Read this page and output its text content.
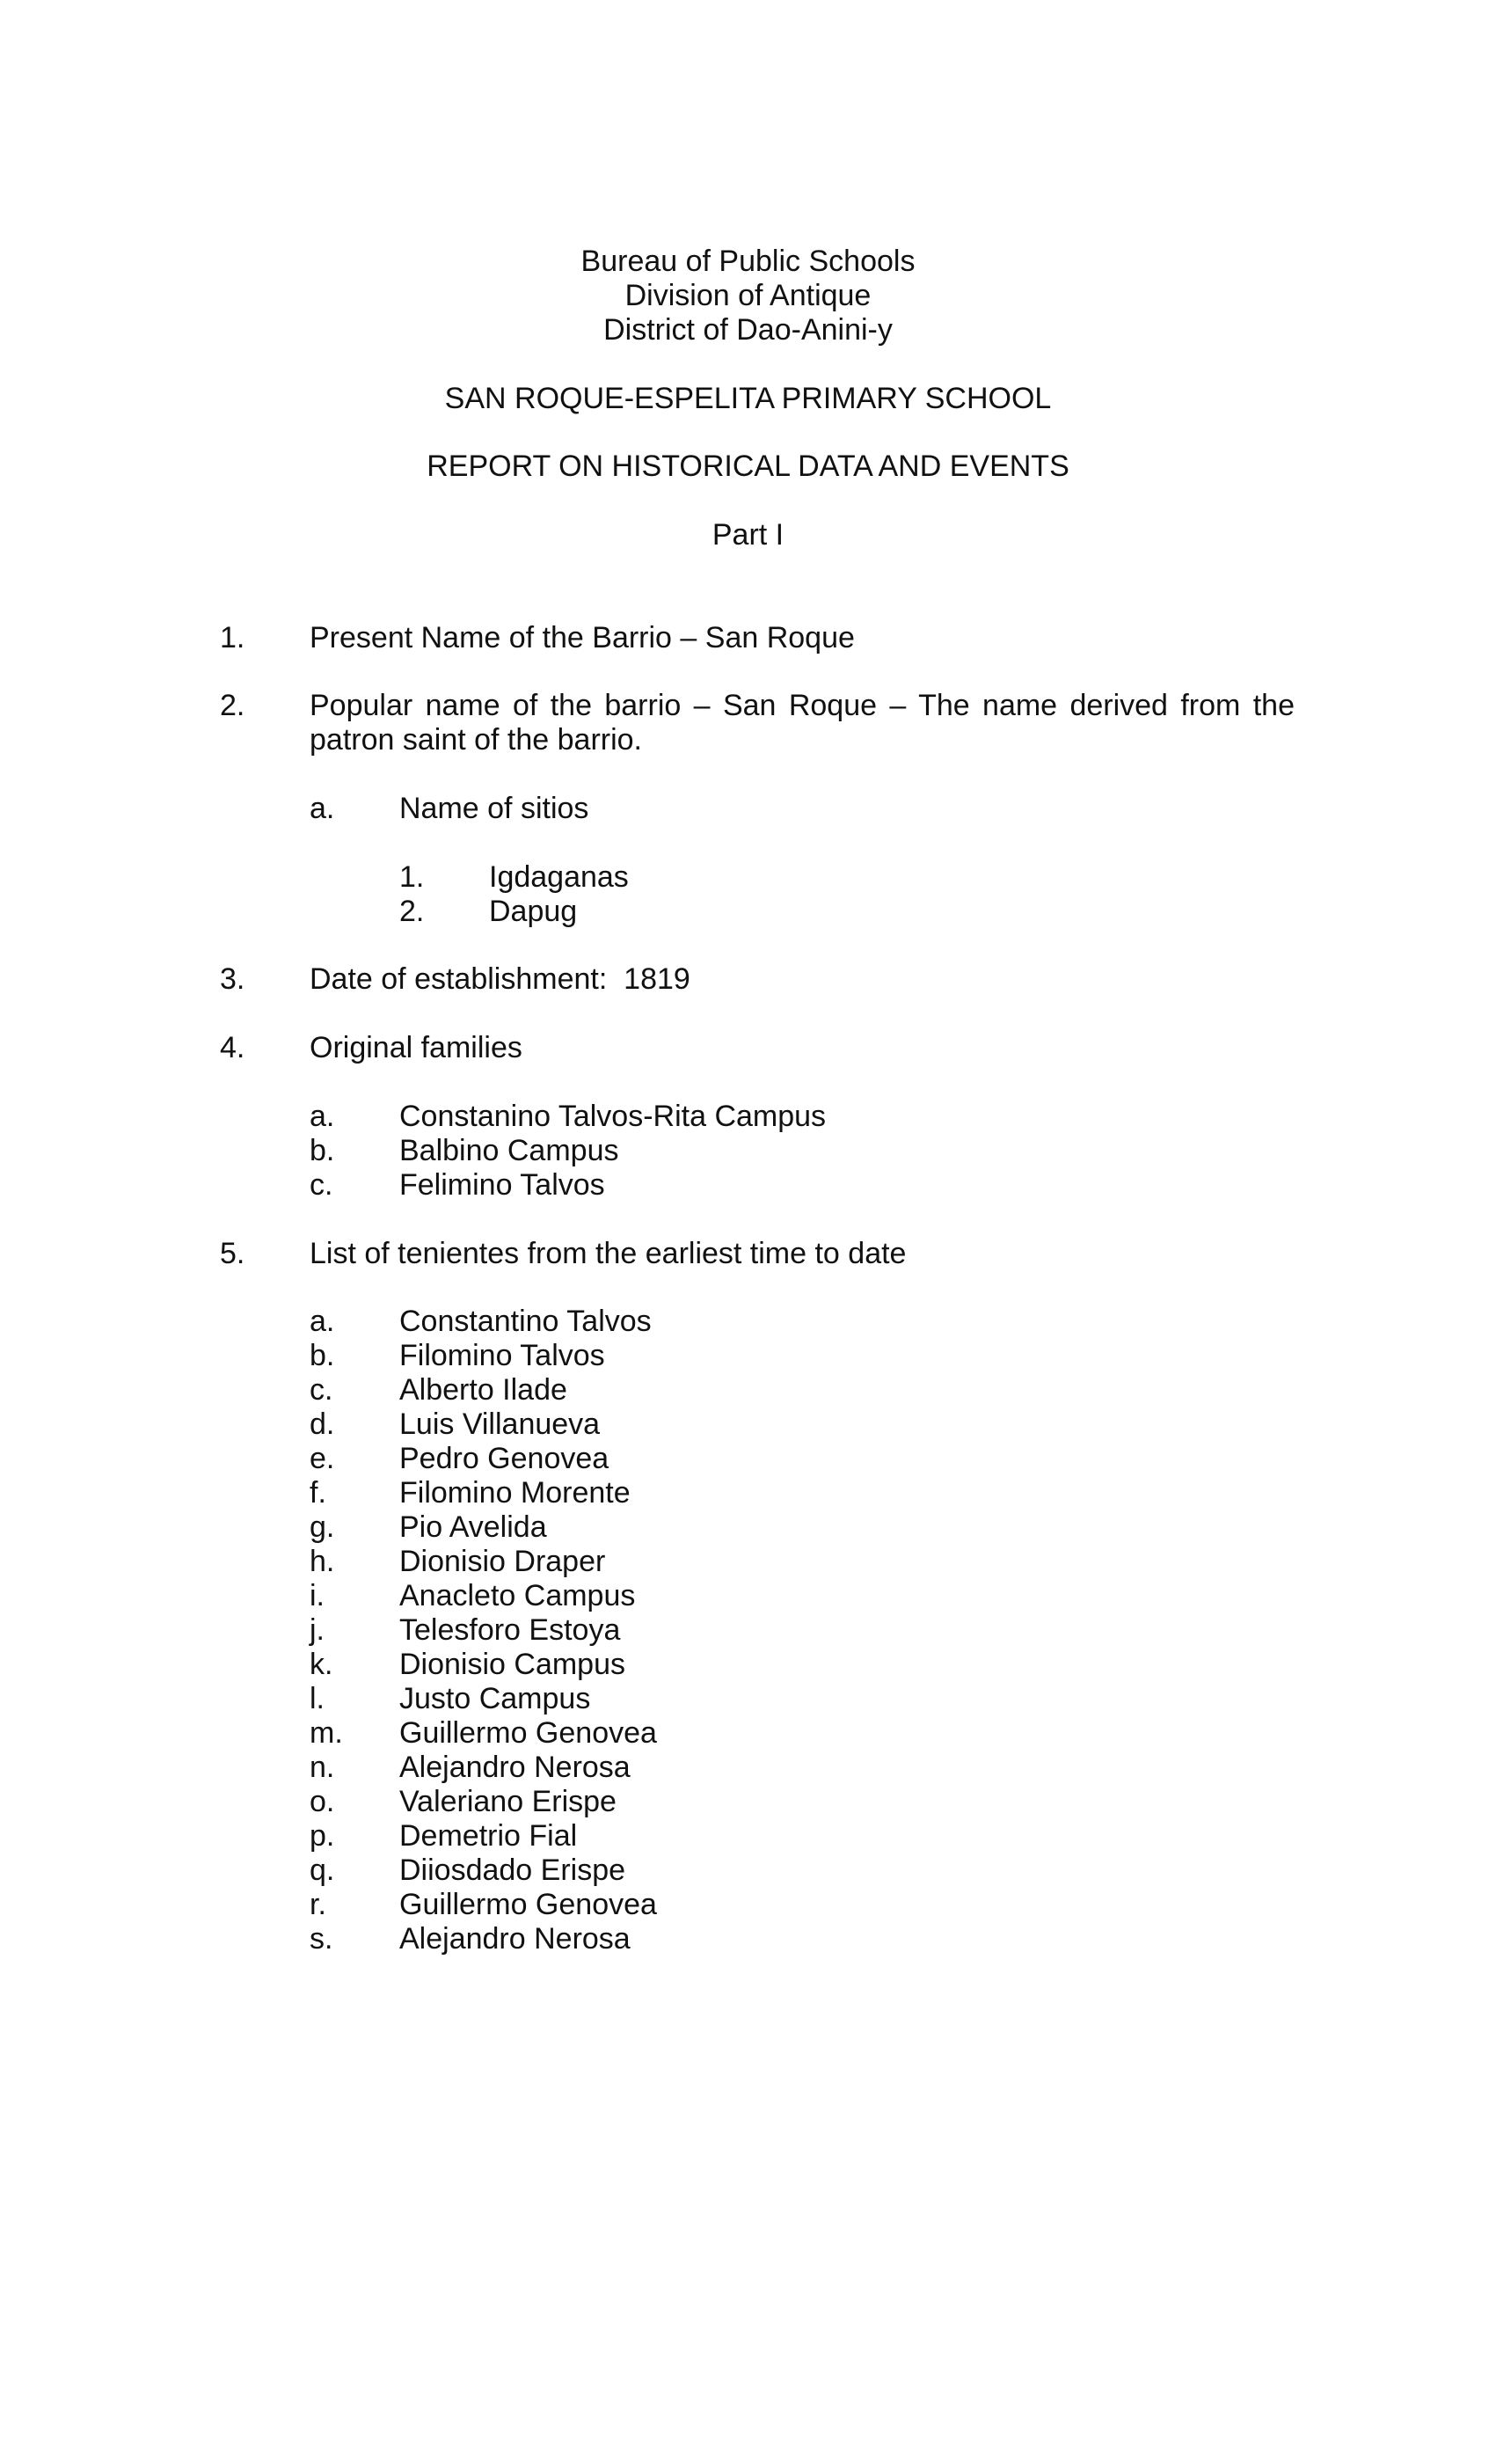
Bureau of Public Schools
Division of Antique
District of Dao-Anini-y
SAN ROQUE-ESPELITA PRIMARY SCHOOL
REPORT ON HISTORICAL DATA AND EVENTS
Part I
1. Present Name of the Barrio – San Roque
2. Popular name of the barrio – San Roque – The name derived from the
patron saint of the barrio.
a. Name of sitios
1. Igdaganas
2. Dapug
3. Date of establishment:  1819
4. Original families
a. Constanino Talvos-Rita Campus
b. Balbino Campus
c. Felimino Talvos
5. List of tenientes from the earliest time to date
a. Constantino Talvos
b. Filomino Talvos
c. Alberto Ilade
d. Luis Villanueva
e. Pedro Genovea
f. Filomino Morente
g. Pio Avelida
h. Dionisio Draper
i.	Anacleto Campus
j.	Telesforo Estoya
k. Dionisio Campus
l.	Justo Campus
m. Guillermo Genovea
n. Alejandro Nerosa
o. Valeriano Erispe
p. Demetrio Fial
q. Diiosdado Erispe
r. Guillermo Genovea
s. Alejandro Nerosa
